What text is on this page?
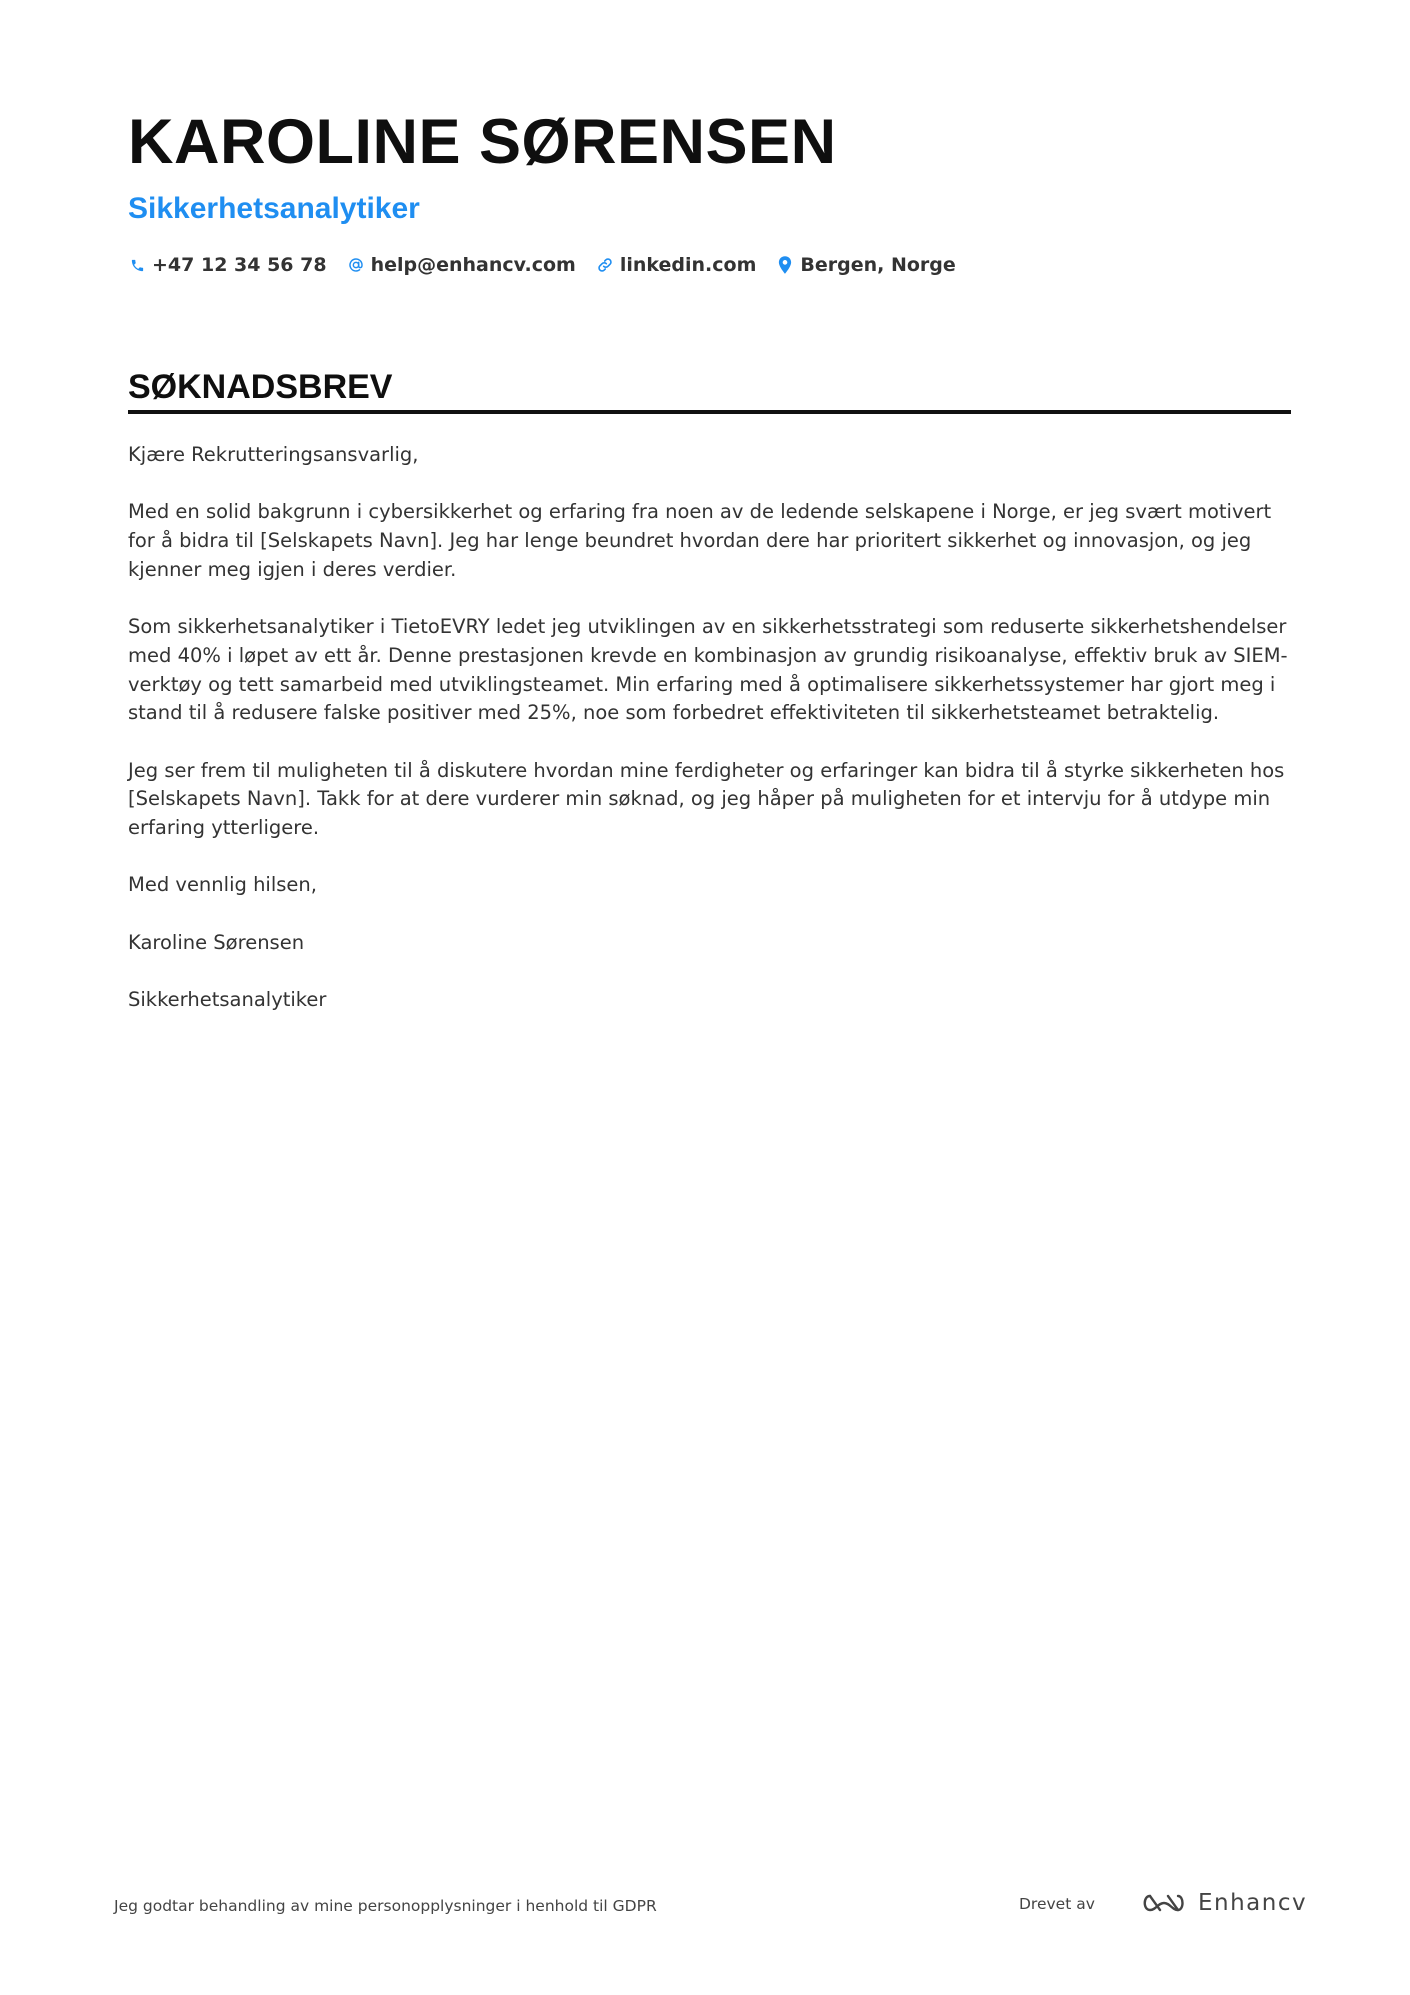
KAROLINE SØRENSEN
Sikkerhetsanalytiker
+47 12 34 56 78 help@enhancv.com linkedin.com Bergen, Norge
SØKNADSBREV

Kjære Rekrutteringsansvarlig,

Med en solid bakgrunn i cybersikkerhet og erfaring fra noen av de ledende selskapene i Norge, er jeg svært motivert for å bidra til [Selskapets Navn]. Jeg har lenge beundret hvordan dere har prioritert sikkerhet og innovasjon, og jeg kjenner meg igjen i deres verdier.

Som sikkerhetsanalytiker i TietoEVRY ledet jeg utviklingen av en sikkerhetsstrategi som reduserte sikkerhetshendelser med 40% i løpet av ett år. Denne prestasjonen krevde en kombinasjon av grundig risikoanalyse, effektiv bruk av SIEM-verktøy og tett samarbeid med utviklingsteamet. Min erfaring med å optimalisere sikkerhetssystemer har gjort meg i stand til å redusere falske positiver med 25%, noe som forbedret effektiviteten til sikkerhetsteamet betraktelig.

Jeg ser frem til muligheten til å diskutere hvordan mine ferdigheter og erfaringer kan bidra til å styrke sikkerheten hos [Selskapets Navn]. Takk for at dere vurderer min søknad, og jeg håper på muligheten for et intervju for å utdype min erfaring ytterligere.

Med vennlig hilsen,

Karoline Sørensen

Sikkerhetsanalytiker

Jeg godtar behandling av mine personopplysninger i henhold til GDPR	Drevet av	Enhancv
